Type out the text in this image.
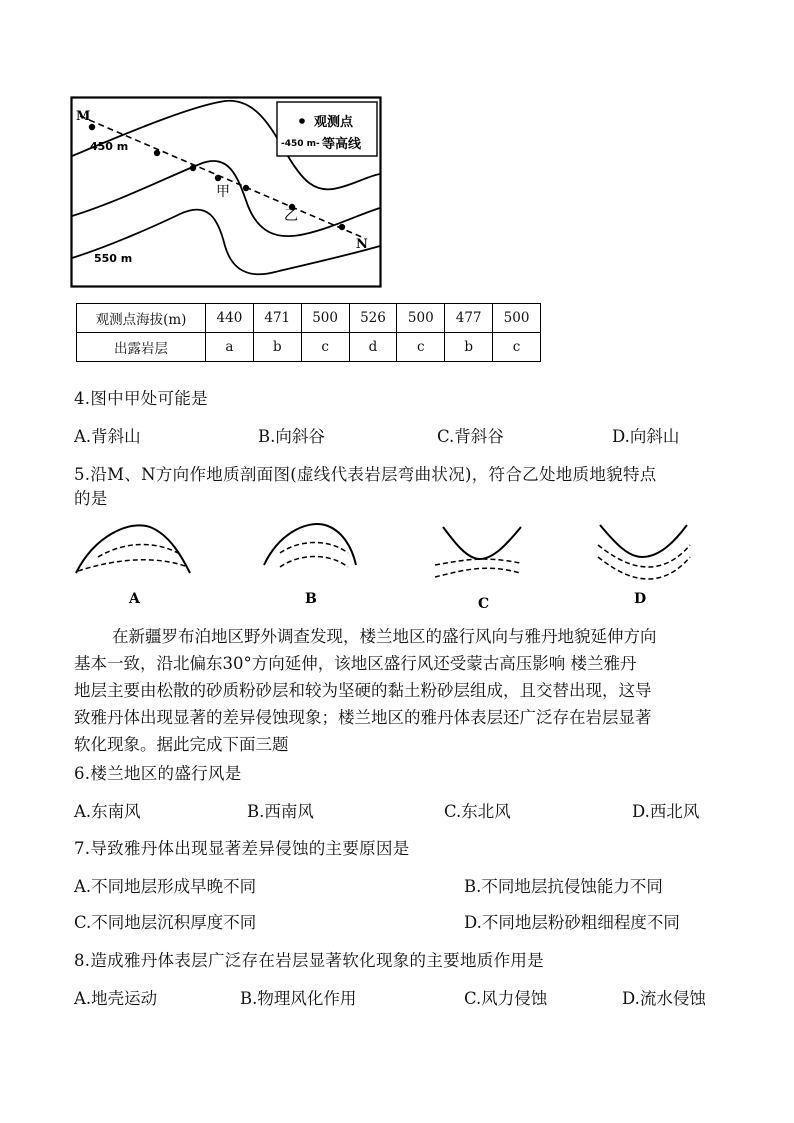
M
N
450 m
550 m
甲
乙
观测点
-450 m- 等高线
观测点海拔(m)	440	471	500	526	500	477	500
出露岩层	a	b	c	d	c	b	c
4.图中甲处可能是
A.背斜山	B.向斜谷	C.背斜谷	D.向斜山
5.沿M、N方向作地质剖面图(虚线代表岩层弯曲状况)，符合乙处地质地貌特点
的是
A	B	C	D
在新疆罗布泊地区野外调查发现，楼兰地区的盛行风向与雅丹地貌延伸方向
基本一致，沿北偏东30°方向延伸，该地区盛行风还受蒙古高压影响 楼兰雅丹
地层主要由松散的砂质粉砂层和较为坚硬的黏土粉砂层组成，且交替出现，这导
致雅丹体出现显著的差异侵蚀现象；楼兰地区的雅丹体表层还广泛存在岩层显著
软化现象。据此完成下面三题
6.楼兰地区的盛行风是
A.东南风	B.西南风	C.东北风	D.西北风
7.导致雅丹体出现显著差异侵蚀的主要原因是
A.不同地层形成早晚不同	B.不同地层抗侵蚀能力不同
C.不同地层沉积厚度不同	D.不同地层粉砂粗细程度不同
8.造成雅丹体表层广泛存在岩层显著软化现象的主要地质作用是
A.地壳运动	B.物理风化作用	C.风力侵蚀	D.流水侵蚀
